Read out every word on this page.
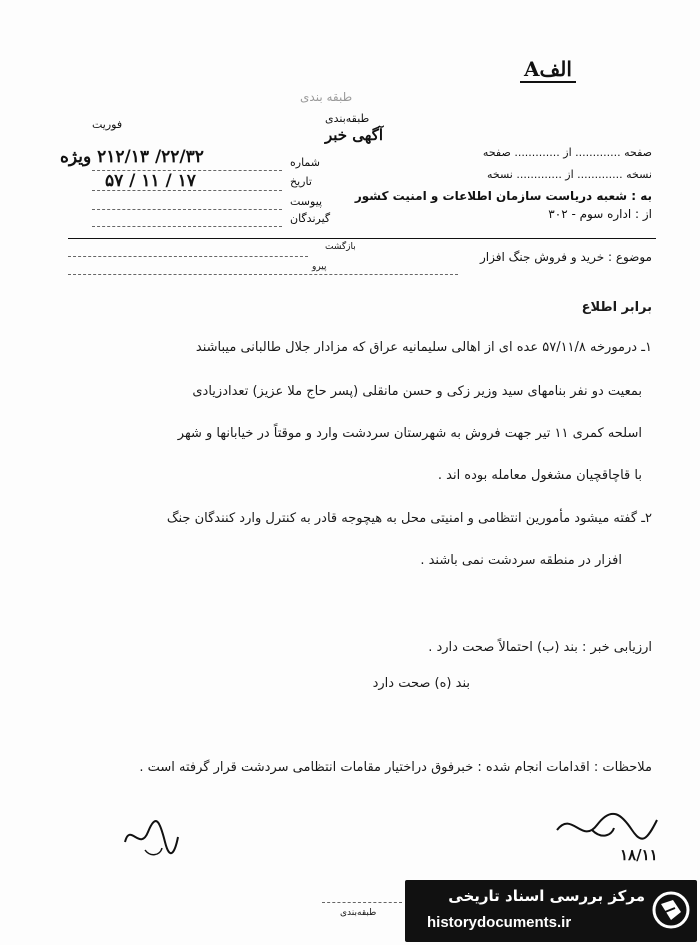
طبقه بندی
Aالف
طبقه‌بندی
آگهی خبر
فوریت
صفحه ............. از ............. صفحه
نسخه ............. از ............. نسخه
به : شعبه دریاست سازمان اطلاعات و امنیت کشور
از : اداره سوم - ۳۰۲
شماره
تاریخ
پیوست
گیرندگان
۲۲/۳۲/ ۲۱۲/۱۳ ویژه
۱۷ / ۱۱ / ۵۷
موضوع : خرید و فروش جنگ افزار
بازگشت
پیرو
برابر اطلاع
۱ـ درمورخه ۵۷/۱۱/۸ عده ای از اهالی سلیمانیه عراق که مزادار جلال طالبانی میباشند
بمعیت دو نفر بنامهای سید وزیر زکی و حسن مانقلی (پسر حاج ملا عزیز) تعدادزیادی
اسلحه کمری ۱۱ تیر جهت فروش به شهرستان سردشت وارد و موقتاً در خیابانها و شهر
با قاچاقچیان مشغول معامله بوده اند .
۲ـ گفته میشود مأمورین انتظامی و امنیتی محل به هیچوجه قادر به کنترل وارد کنندگان جنگ
افزار در منطقه سردشت نمی باشند .
ارزیابی خبر : بند (ب) احتمالاً صحت دارد .
بند (ه) صحت دارد
ملاحظات : اقدامات انجام شده : خبرفوق دراختیار مقامات انتظامی سردشت قرار گرفته است .
۱۸/۱۱
طبقه‌بندی
مرکز بررسی اسناد تاریخی
historydocuments.ir
